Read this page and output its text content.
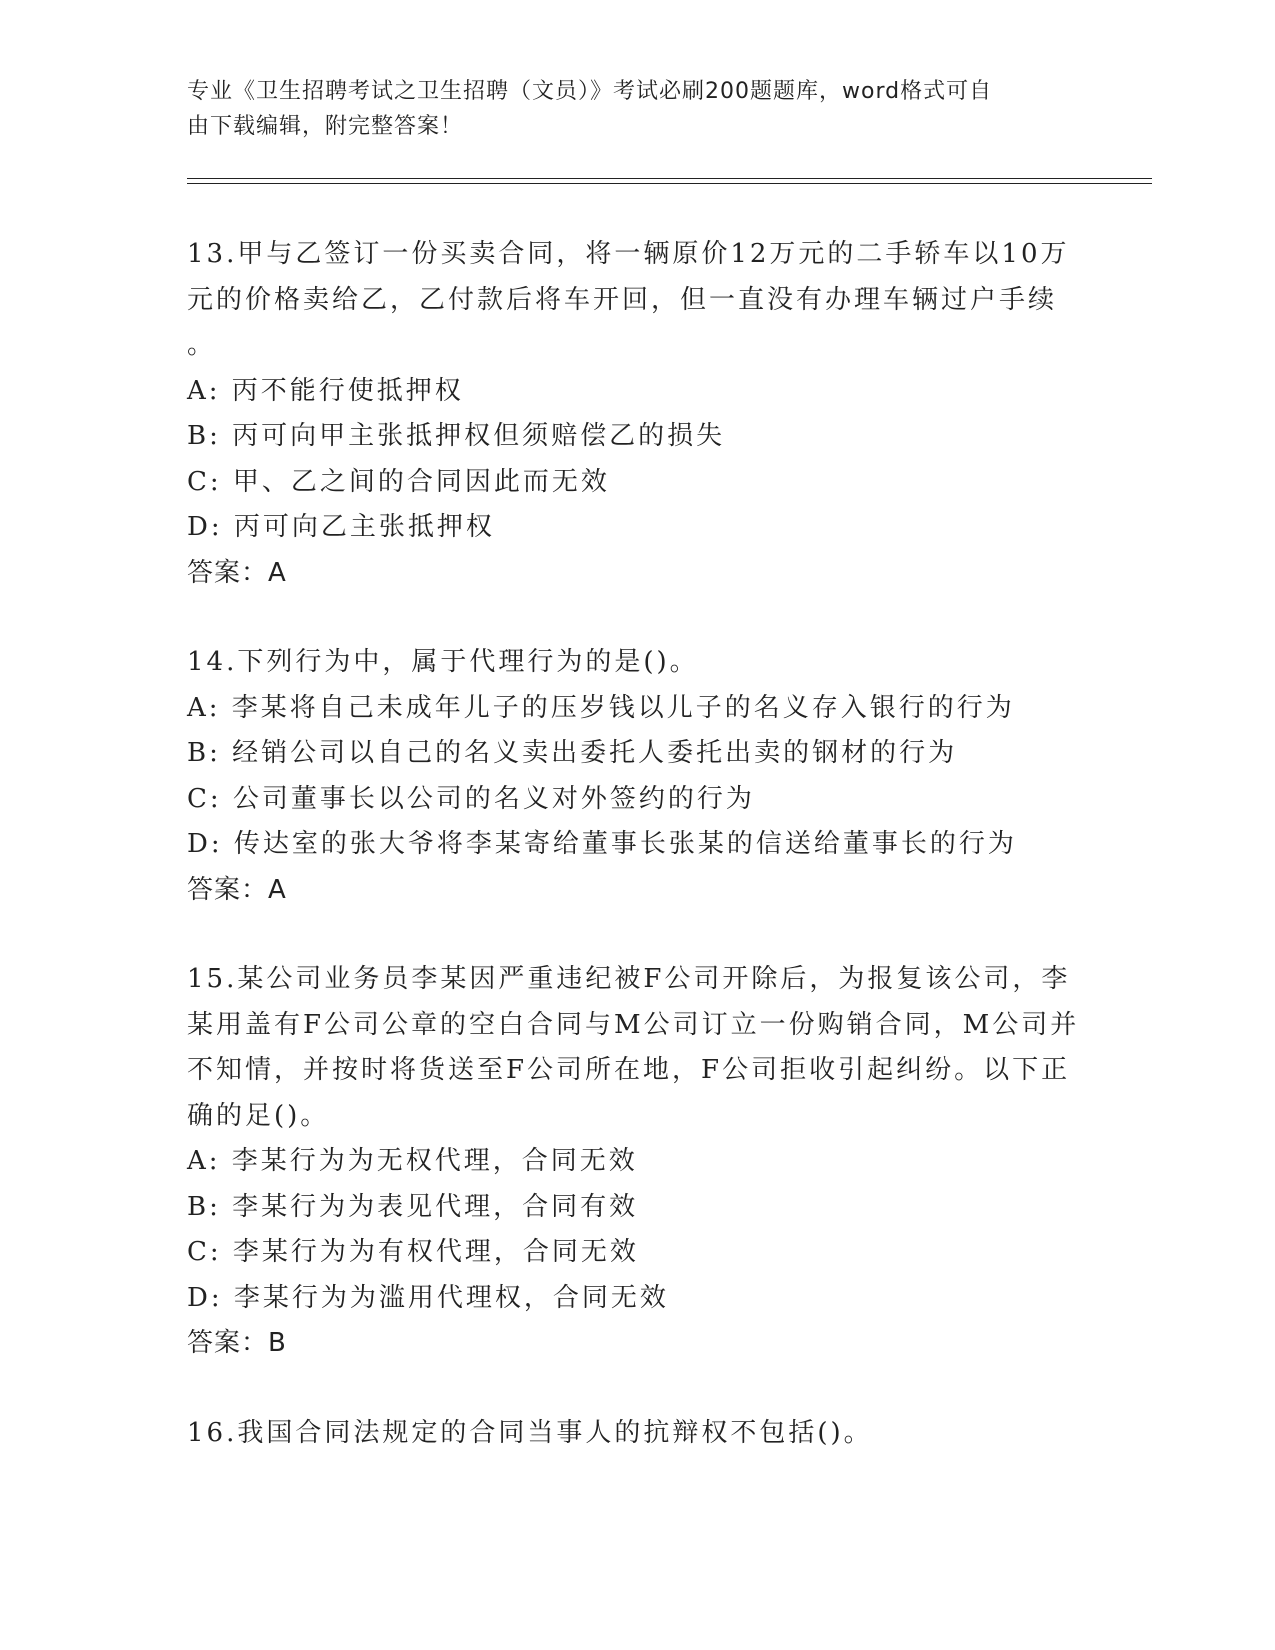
专业《卫生招聘考试之卫生招聘（文员）》考试必刷200题题库，word格式可自
由下载编辑，附完整答案！

13.甲与乙签订一份买卖合同，将一辆原价12万元的二手轿车以10万

元的价格卖给乙，乙付款后将车开回，但一直没有办理车辆过户手续

。

A: 丙不能行使抵押权

B: 丙可向甲主张抵押权但须赔偿乙的损失

C: 甲、乙之间的合同因此而无效

D: 丙可向乙主张抵押权

答案：A

14.下列行为中，属于代理行为的是()。

A: 李某将自己未成年儿子的压岁钱以儿子的名义存入银行的行为

B: 经销公司以自己的名义卖出委托人委托出卖的钢材的行为

C: 公司董事长以公司的名义对外签约的行为

D: 传达室的张大爷将李某寄给董事长张某的信送给董事长的行为

答案：A

15.某公司业务员李某因严重违纪被F公司开除后，为报复该公司，李

某用盖有F公司公章的空白合同与M公司订立一份购销合同，M公司并

不知情，并按时将货送至F公司所在地，F公司拒收引起纠纷。以下正

确的足()。

A: 李某行为为无权代理，合同无效

B: 李某行为为表见代理，合同有效

C: 李某行为为有权代理，合同无效

D: 李某行为为滥用代理权，合同无效

答案：B

16.我国合同法规定的合同当事人的抗辩权不包括()。
